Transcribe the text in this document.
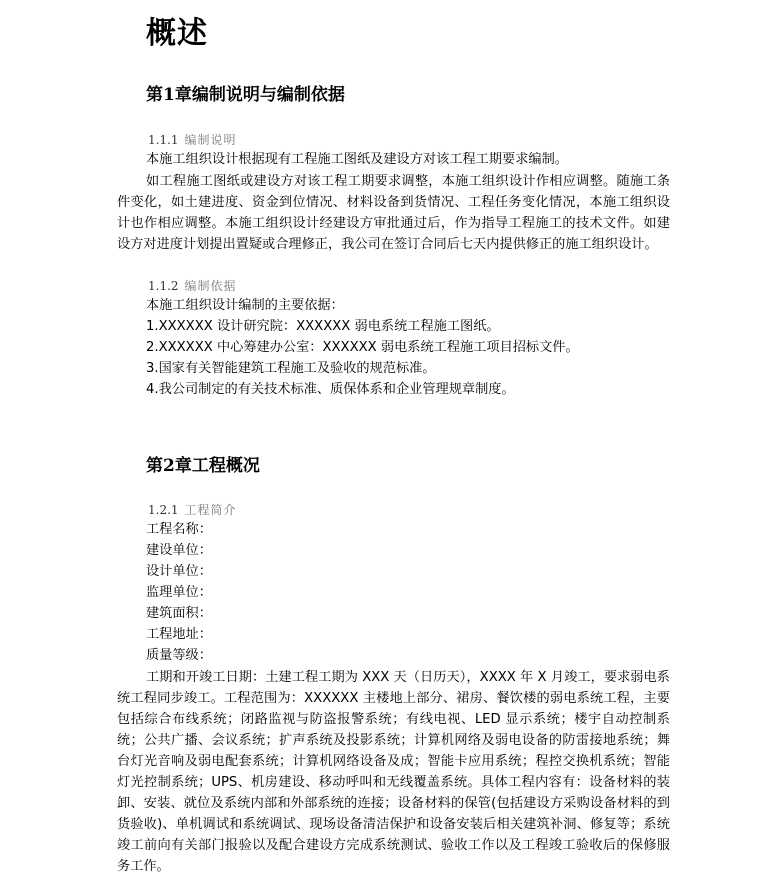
概述
第1章编制说明与编制依据
1.1.1 编制说明
本施工组织设计根据现有工程施工图纸及建设方对该工程工期要求编制。
如工程施工图纸或建设方对该工程工期要求调整，本施工组织设计作相应调整。随施工条件变化，如土建进度、资金到位情况、材料设备到货情况、工程任务变化情况，本施工组织设计也作相应调整。本施工组织设计经建设方审批通过后，作为指导工程施工的技术文件。如建设方对进度计划提出置疑或合理修正，我公司在签订合同后七天内提供修正的施工组织设计。
1.1.2 编制依据
本施工组织设计编制的主要依据：
1.XXXXXX 设计研究院：XXXXXX 弱电系统工程施工图纸。
2.XXXXXX 中心筹建办公室：XXXXXX 弱电系统工程施工项目招标文件。
3.国家有关智能建筑工程施工及验收的规范标准。
4.我公司制定的有关技术标准、质保体系和企业管理规章制度。
第2章工程概况
1.2.1 工程简介
工程名称：
建设单位：
设计单位：
监理单位：
建筑面积：
工程地址：
质量等级：
工期和开竣工日期：土建工程工期为 XXX 天（日历天），XXXX 年 X 月竣工，要求弱电系统工程同步竣工。工程范围为：XXXXXX 主楼地上部分、裙房、餐饮楼的弱电系统工程，主要包括综合布线系统；闭路监视与防盗报警系统；有线电视、LED 显示系统；楼宇自动控制系统；公共广播、会议系统；扩声系统及投影系统；计算机网络及弱电设备的防雷接地系统；舞台灯光音响及弱电配套系统；计算机网络设备及成；智能卡应用系统；程控交换机系统；智能灯光控制系统；UPS、机房建设、移动呼叫和无线覆盖系统。具体工程内容有：设备材料的装卸、安装、就位及系统内部和外部系统的连接；设备材料的保管(包括建设方采购设备材料的到货验收)、单机调试和系统调试、现场设备清洁保护和设备安装后相关建筑补洞、修复等；系统竣工前向有关部门报验以及配合建设方完成系统测试、验收工作以及工程竣工验收后的保修服务工作。
